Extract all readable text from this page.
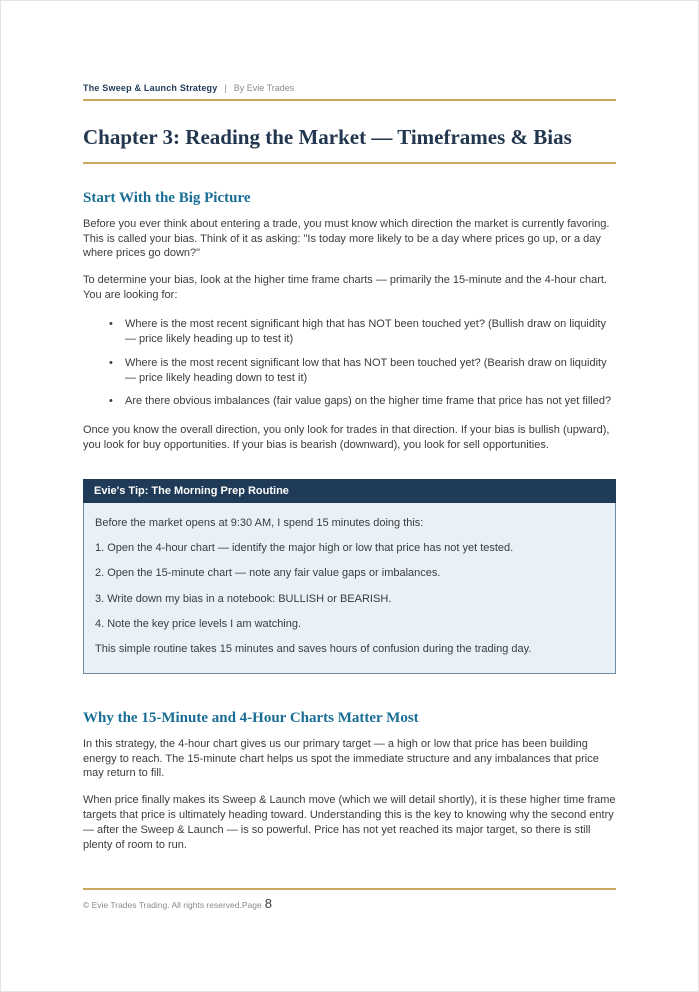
The Sweep & Launch Strategy | By Evie Trades
Chapter 3: Reading the Market — Timeframes & Bias
Start With the Big Picture

Before you ever think about entering a trade, you must know which direction the market is currently favoring. This is called your bias. Think of it as asking: "Is today more likely to be a day where prices go up, or a day where prices go down?"

To determine your bias, look at the higher time frame charts — primarily the 15-minute and the 4-hour chart. You are looking for:

• Where is the most recent significant high that has NOT been touched yet? (Bullish draw on liquidity — price likely heading up to test it)
• Where is the most recent significant low that has NOT been touched yet? (Bearish draw on liquidity — price likely heading down to test it)
• Are there obvious imbalances (fair value gaps) on the higher time frame that price has not yet filled?

Once you know the overall direction, you only look for trades in that direction. If your bias is bullish (upward), you look for buy opportunities. If your bias is bearish (downward), you look for sell opportunities.

Evie's Tip: The Morning Prep Routine

Before the market opens at 9:30 AM, I spend 15 minutes doing this:

1. Open the 4-hour chart — identify the major high or low that price has not yet tested.

2. Open the 15-minute chart — note any fair value gaps or imbalances.

3. Write down my bias in a notebook: BULLISH or BEARISH.

4. Note the key price levels I am watching.

This simple routine takes 15 minutes and saves hours of confusion during the trading day.

Why the 15-Minute and 4-Hour Charts Matter Most

In this strategy, the 4-hour chart gives us our primary target — a high or low that price has been building energy to reach. The 15-minute chart helps us spot the immediate structure and any imbalances that price may return to fill.

When price finally makes its Sweep & Launch move (which we will detail shortly), it is these higher time frame targets that price is ultimately heading toward. Understanding this is the key to knowing why the second entry — after the Sweep & Launch — is so powerful. Price has not yet reached its major target, so there is still plenty of room to run.

© Evie Trades Trading. All rights reserved. Page 8
